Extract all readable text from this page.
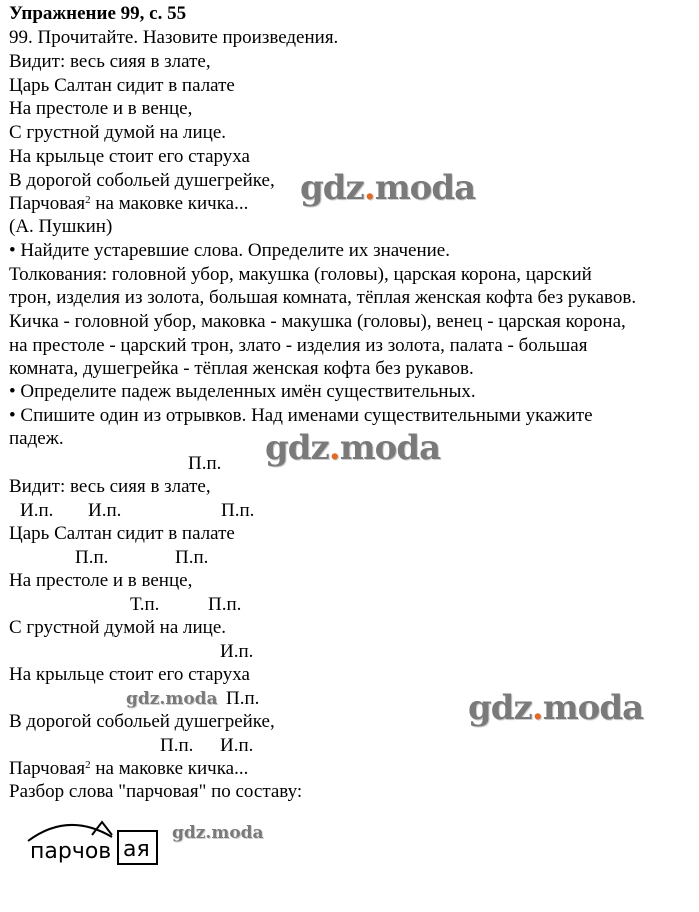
Упражнение 99, с. 55
99. Прочитайте. Назовите произведения.
Видит: весь сияя в злате,
Царь Салтан сидит в палате
На престоле и в венце,
С грустной думой на лице.
На крыльце стоит его старуха
В дорогой собольей душегрейке,
Парчовая$^2$ на маковке кичка...
(А. Пушкин)
• Найдите устаревшие слова. Определите их значение.
Толкования: головной убор, макушка (головы), царская корона, царский
трон, изделия из золота, большая комната, тёплая женская кофта без рукавов.
Кичка - головной убор, маковка - макушка (головы), венец - царская корона,
на престоле - царский трон, злато - изделия из золота, палата - большая
комната, душегрейка - тёплая женская кофта без рукавов.
• Определите падеж выделенных имён существительных.
• Спишите один из отрывков. Над именами существительными укажите
падеж.
П.п.
Видит: весь сияя в злате,
И.п. И.п.	П.п.
Царь Салтан сидит в палате
П.п.	П.п.
На престоле и в венце,
Т.п.	П.п.
С грустной думой на лице.
И.п.
На крыльце стоит его старуха
П.п.
В дорогой собольей душегрейке,
П.п. И.п.
Парчовая$^2$ на маковке кичка...
Разбор слова "парчовая" по составу:
парчов ая
gdz.moda
gdz.moda
gdz.moda
gdz.moda
gdz.moda
